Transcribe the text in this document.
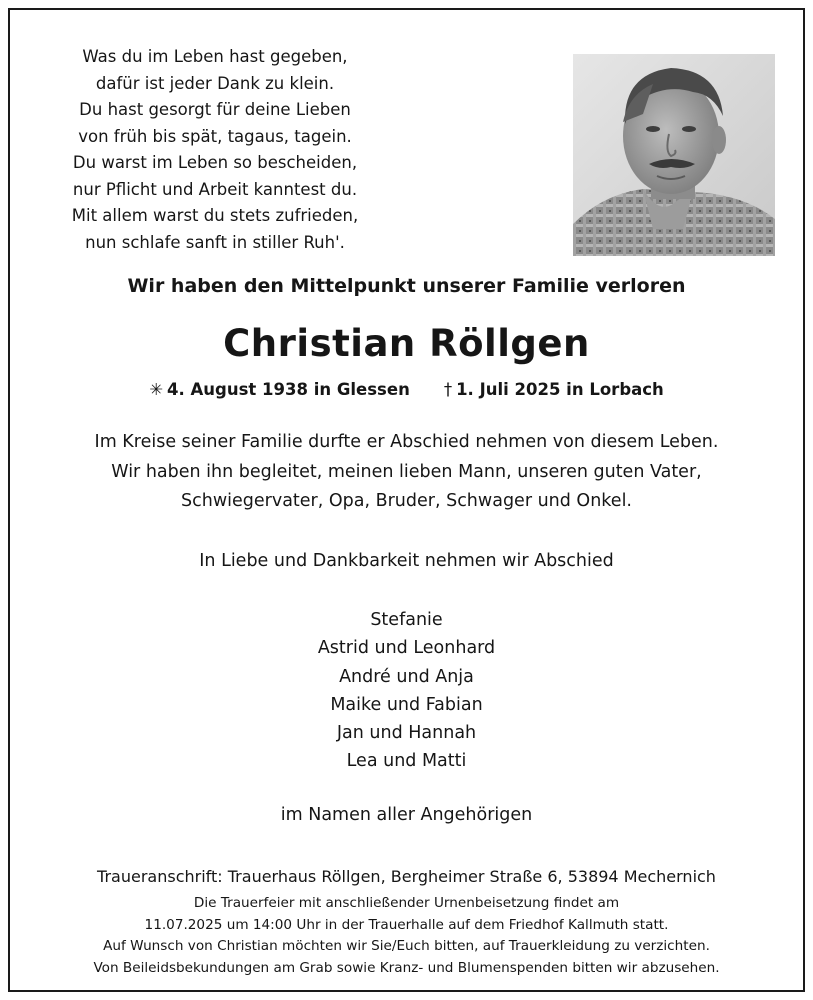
Was du im Leben hast gegeben,
dafür ist jeder Dank zu klein.
Du hast gesorgt für deine Lieben
von früh bis spät, tagaus, tagein.
Du warst im Leben so bescheiden,
nur Pflicht und Arbeit kanntest du.
Mit allem warst du stets zufrieden,
nun schlafe sanft in stiller Ruh'.
Wir haben den Mittelpunkt unserer Familie verloren
Christian Röllgen
✳ 4. August 1938 in Glessen † 1. Juli 2025 in Lorbach
Im Kreise seiner Familie durfte er Abschied nehmen von diesem Leben.
Wir haben ihn begleitet, meinen lieben Mann, unseren guten Vater,
Schwiegervater, Opa, Bruder, Schwager und Onkel.
In Liebe und Dankbarkeit nehmen wir Abschied
Stefanie
Astrid und Leonhard
André und Anja
Maike und Fabian
Jan und Hannah
Lea und Matti
im Namen aller Angehörigen
Traueranschrift: Trauerhaus Röllgen, Bergheimer Straße 6, 53894 Mechernich
Die Trauerfeier mit anschließender Urnenbeisetzung findet am
11.07.2025 um 14:00 Uhr in der Trauerhalle auf dem Friedhof Kallmuth statt.
Auf Wunsch von Christian möchten wir Sie/Euch bitten, auf Trauerkleidung zu verzichten.
Von Beileidsbekundungen am Grab sowie Kranz- und Blumenspenden bitten wir abzusehen.
